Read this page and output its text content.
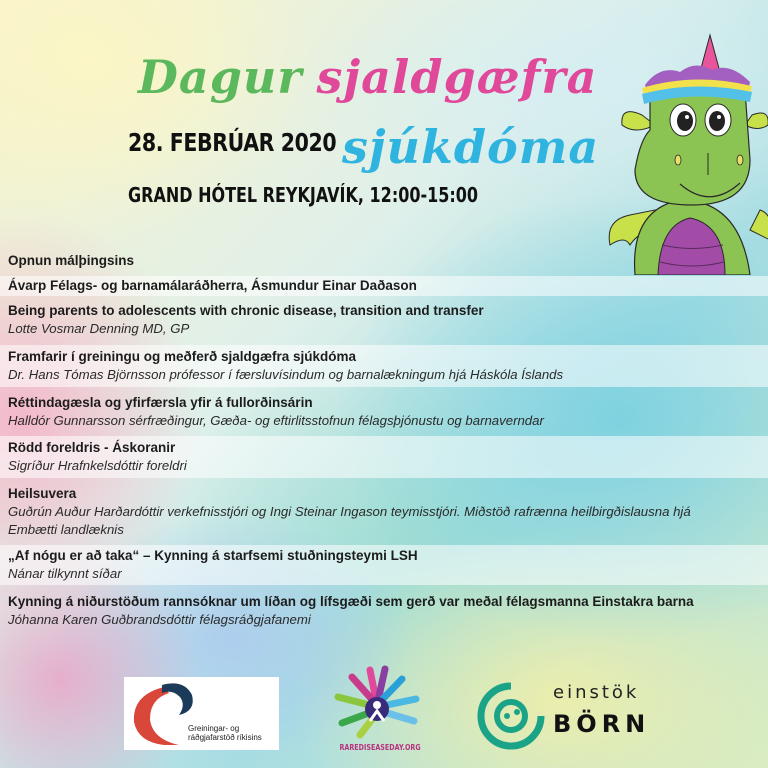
Dagur sjaldgæfra
sjúkdóma
28. FEBRÚAR 2020
GRAND HÓTEL REYKJAVÍK, 12:00-15:00
Opnun málþingsins
Ávarp Félags- og barnamálaráðherra, Ásmundur Einar Daðason
Being parents to adolescents with chronic disease, transition and transfer
Lotte Vosmar Denning MD, GP
Framfarir í greiningu og meðferð sjaldgæfra sjúkdóma
Dr. Hans Tómas Björnsson prófessor í færsluvísindum og barnalækningum hjá Háskóla Íslands
Réttindagæsla og yfirfærsla yfir á fullorðinsárin
Halldór Gunnarsson sérfræðingur, Gæða- og eftirlitsstofnun félagsþjónustu og barnaverndar
Rödd foreldris - Áskoranir
Sigríður Hrafnkelsdóttir foreldri
Heilsuvera
Guðrún Auður Harðardóttir verkefnisstjóri og Ingi Steinar Ingason teymisstjóri. Miðstöð rafrænna heilbirgðislausna hjá Embætti landlæknis
„Af nógu er að taka“ – Kynning á starfsemi stuðningsteymi LSH
Nánar tilkynnt síðar
Kynning á niðurstöðum rannsóknar um líðan og lífsgæði sem gerð var meðal félagsmanna Einstakra barna
Jóhanna Karen Guðbrandsdóttir félagsráðgjafanemi
Greiningar- og
ráðgjafarstöð ríkisins
RAREDISEASEDAY.ORG
einstök
BÖRN
